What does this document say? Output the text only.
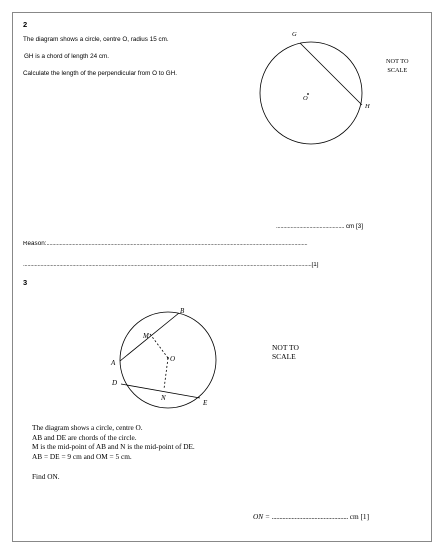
2
The diagram shows a circle, centre O, radius 15 cm.
GH is a chord of length 24 cm.
Calculate the length of the perpendicular from O to GH.
G
H
O
NOT TO
SCALE
............................................... cm [3]
Reason:....................................................................................................................................................................................
.......................................................................................................................................................................................................[1]
3
A
B
M
O
D
N
E
NOT TO
SCALE
The diagram shows a circle, centre O.
AB and DE are chords of the circle.
M is the mid-point of AB and N is the mid-point of DE.
AB = DE = 9 cm and OM = 5 cm.
Find ON.
ON = .................................................. cm [1]
